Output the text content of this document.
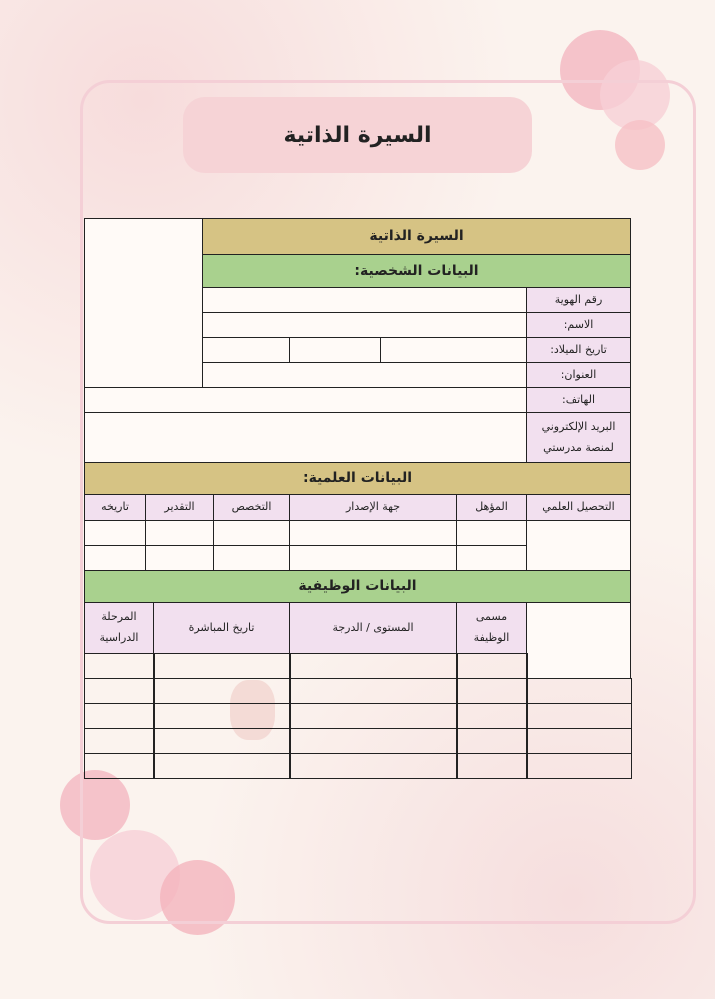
السيرة الذاتية
السيرة الذاتية
البيانات الشخصية:
رقم الهوية
الاسم:
تاريخ الميلاد:
العنوان:
الهاتف:
البريد الإلكتروني لمنصة مدرستي
البيانات العلمية:
التحصيل العلمي
المؤهل
جهة الإصدار
التخصص
التقدير
تاريخه
البيانات الوظيفية
مسمى الوظيفة
المستوى / الدرجة
تاريخ المباشرة
المرحلة الدراسية
